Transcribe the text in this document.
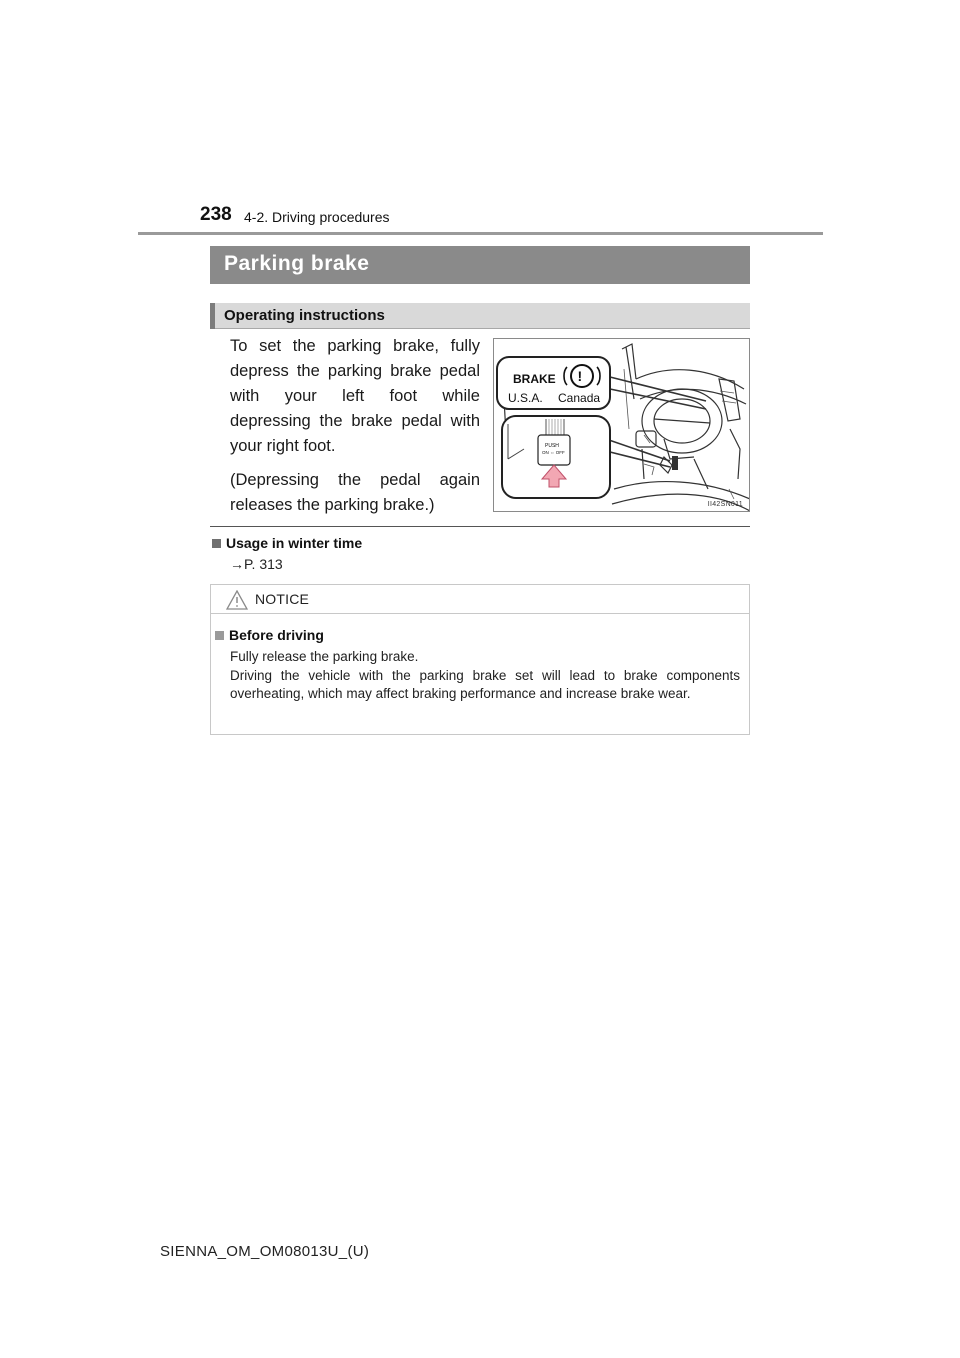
238 4-2. Driving procedures
Parking brake
Operating instructions

To set the parking brake, fully depress the parking brake pedal with your left foot while depressing the brake pedal with your right foot.

(Depressing the pedal again releases the parking brake.)

BRAKE !
U.S.A. Canada
PUSH
ON ⇔ OFF
II42SN011
Usage in winter time
→P. 313
NOTICE
Before driving

Fully release the parking brake.

Driving the vehicle with the parking brake set will lead to brake components overheating, which may affect braking performance and increase brake wear.

SIENNA_OM_OM08013U_(U)
